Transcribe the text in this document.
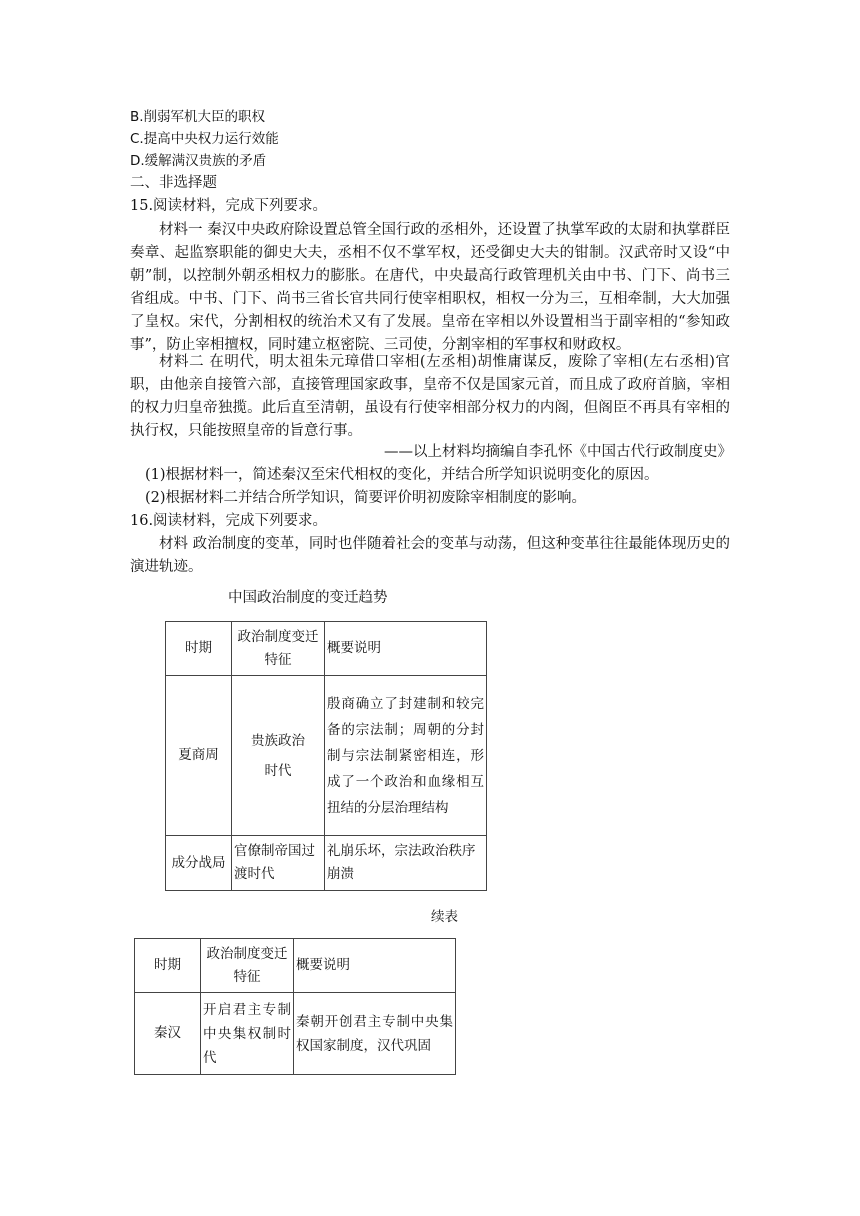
B.削弱军机大臣的职权
C.提高中央权力运行效能
D.缓解满汉贵族的矛盾
二、非选择题
15.阅读材料，完成下列要求。

材料一 秦汉中央政府除设置总管全国行政的丞相外，还设置了执掌军政的太尉和执掌群臣奏章、起监察职能的御史大夫，丞相不仅不掌军权，还受御史大夫的钳制。汉武帝时又设“中朝”制，以控制外朝丞相权力的膨胀。在唐代，中央最高行政管理机关由中书、门下、尚书三省组成。中书、门下、尚书三省长官共同行使宰相职权，相权一分为三，互相牵制，大大加强了皇权。宋代，分割相权的统治术又有了发展。皇帝在宰相以外设置相当于副宰相的“参知政事”，防止宰相擅权，同时建立枢密院、三司使，分割宰相的军事权和财政权。

材料二 在明代，明太祖朱元璋借口宰相(左丞相)胡惟庸谋反，废除了宰相(左右丞相)官职，由他亲自接管六部，直接管理国家政事，皇帝不仅是国家元首，而且成了政府首脑，宰相的权力归皇帝独揽。此后直至清朝，虽设有行使宰相部分权力的内阁，但阁臣不再具有宰相的执行权，只能按照皇帝的旨意行事。

——以上材料均摘编自李孔怀《中国古代行政制度史》
(1)根据材料一，简述秦汉至宋代相权的变化，并结合所学知识说明变化的原因。
(2)根据材料二并结合所学知识，简要评价明初废除宰相制度的影响。
16.阅读材料，完成下列要求。

材料 政治制度的变革，同时也伴随着社会的变革与动荡，但这种变革往往最能体现历史的演进轨迹。

中国政治制度的变迁趋势
时期	政治制度变迁特征	概要说明
夏商周	贵族政治时代	殷商确立了封建制和较完备的宗法制；周朝的分封制与宗法制紧密相连，形成了一个政治和血缘相互扭结的分层治理结构
成分战局	官僚制帝国过渡时代	礼崩乐坏，宗法政治秩序崩溃
续表
时期	政治制度变迁特征	概要说明
秦汉	开启君主专制中央集权制时代	秦朝开创君主专制中央集权国家制度，汉代巩固
